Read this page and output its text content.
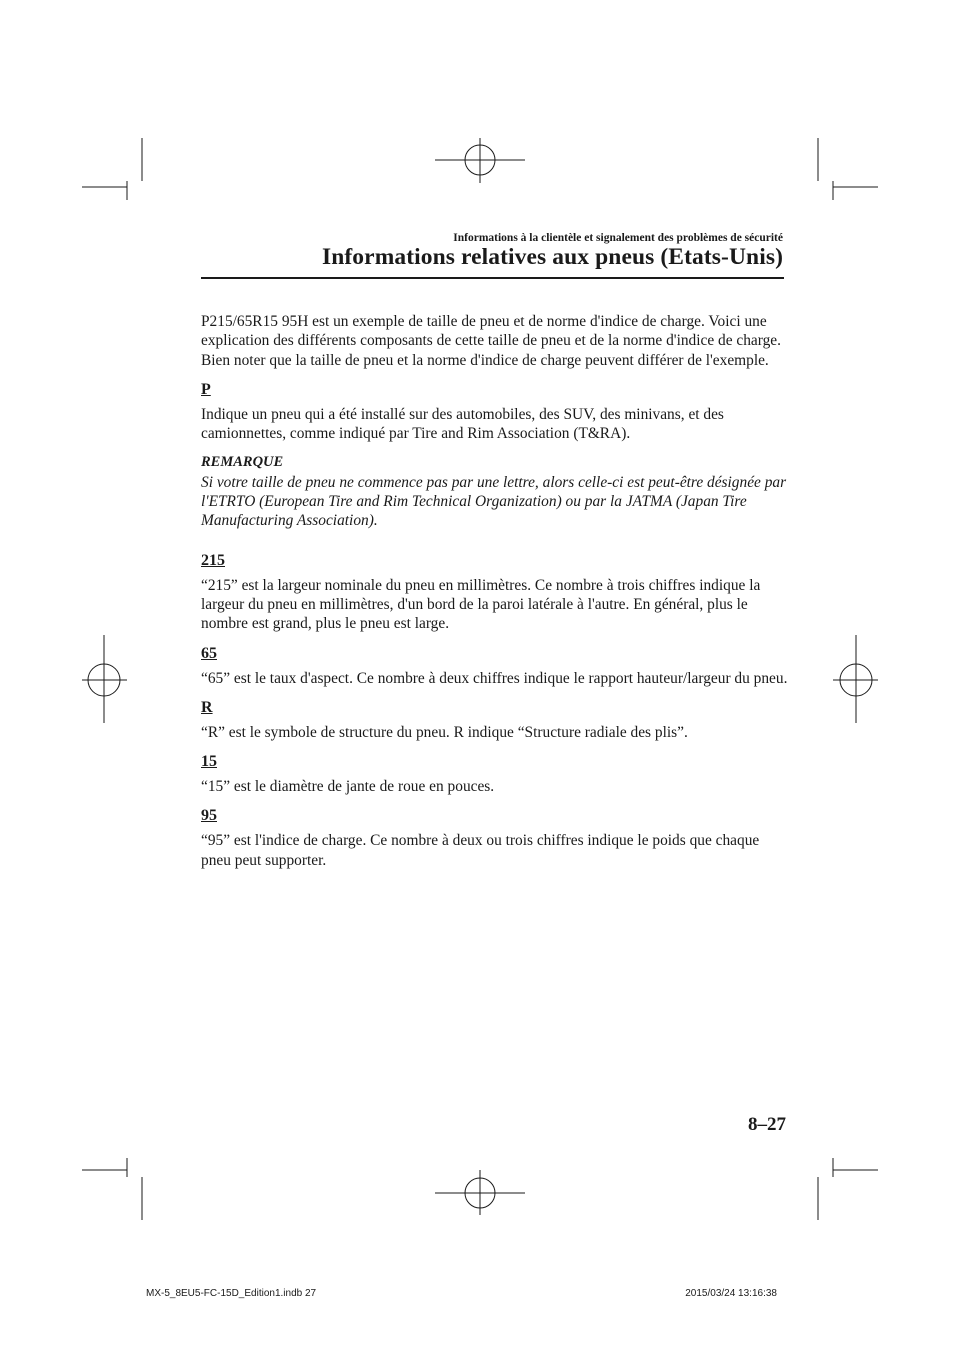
Informations à la clientèle et signalement des problèmes de sécurité
Informations relatives aux pneus (Etats-Unis)

P215/65R15 95H est un exemple de taille de pneu et de norme d'indice de charge. Voici une explication des différents composants de cette taille de pneu et de la norme d'indice de charge. Bien noter que la taille de pneu et la norme d'indice de charge peuvent différer de l'exemple.

P

Indique un pneu qui a été installé sur des automobiles, des SUV, des minivans, et des camionnettes, comme indiqué par Tire and Rim Association (T&RA).

REMARQUE

Si votre taille de pneu ne commence pas par une lettre, alors celle-ci est peut-être désignée par l'ETRTO (European Tire and Rim Technical Organization) ou par la JATMA (Japan Tire Manufacturing Association).

215

“215” est la largeur nominale du pneu en millimètres. Ce nombre à trois chiffres indique la largeur du pneu en millimètres, d'un bord de la paroi latérale à l'autre. En général, plus le nombre est grand, plus le pneu est large.

65

“65” est le taux d'aspect. Ce nombre à deux chiffres indique le rapport hauteur/largeur du pneu.

R

“R” est le symbole de structure du pneu. R indique “Structure radiale des plis”.

15

“15” est le diamètre de jante de roue en pouces.

95

“95” est l'indice de charge. Ce nombre à deux ou trois chiffres indique le poids que chaque pneu peut supporter.

8–27
MX-5_8EU5-FC-15D_Edition1.indb 27	2015/03/24 13:16:38
